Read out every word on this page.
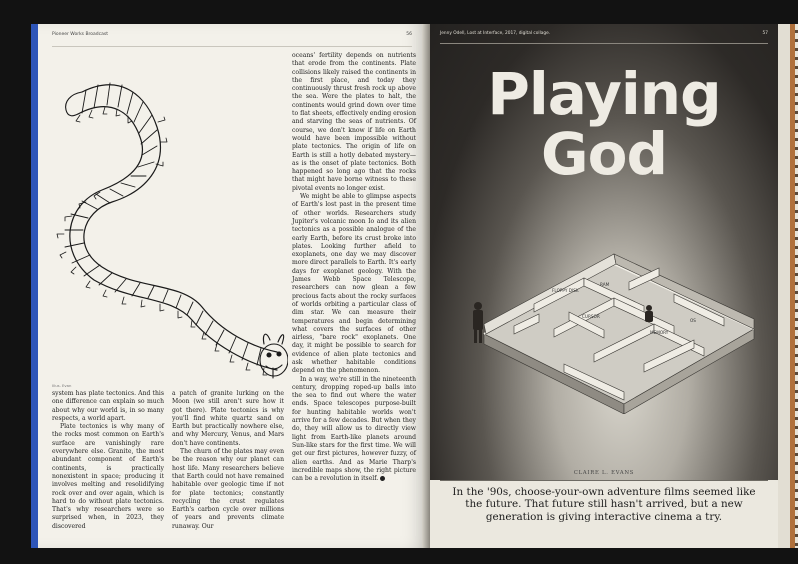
Pioneer Works Broadcast	56
Illus. Evan

system has plate tectonics. And this one difference can explain so much about why our world is, in so many respects, a world apart.

Plate tectonics is why many of the rocks most common on Earth's surface are vanishingly rare everywhere else. Granite, the most abundant component of Earth's continents, is practically nonexistent in space; producing it involves melting and resolidifying rock over and over again, which is hard to do without plate tectonics. That's why researchers were so surprised when, in 2023, they discovered

a patch of granite lurking on the Moon (we still aren't sure how it got there). Plate tectonics is why you'll find white quartz sand on Earth but practically nowhere else, and why Mercury, Venus, and Mars don't have continents.

The churn of the plates may even be the reason why our planet can host life. Many researchers believe that Earth could not have remained habitable over geologic time if not for plate tectonics; constantly recycling the crust regulates Earth's carbon cycle over millions of years and prevents climate runaway. Our

oceans' fertility depends on nutrients that erode from the continents. Plate collisions likely raised the continents in the first place, and today they continuously thrust fresh rock up above the sea. Were the plates to halt, the continents would grind down over time to flat sheets, effectively ending erosion and starving the seas of nutrients. Of course, we don't know if life on Earth would have been impossible without plate tectonics. The origin of life on Earth is still a hotly debated mystery—as is the onset of plate tectonics. Both happened so long ago that the rocks that might have borne witness to these pivotal events no longer exist.

We might be able to glimpse aspects of Earth's lost past in the present time of other worlds. Researchers study Jupiter's volcanic moon Io and its alien tectonics as a possible analogue of the early Earth, before its crust broke into plates. Looking further afield to exoplanets, one day we may discover more direct parallels to Earth. It's early days for exoplanet geology. With the James Webb Space Telescope, researchers can now glean a few precious facts about the rocky surfaces of worlds orbiting a particular class of dim star. We can measure their temperatures and begin determining what covers the surfaces of other airless, "bare rock" exoplanets. One day, it might be possible to search for evidence of alien plate tectonics and ask whether habitable conditions depend on the phenomenon.

In a way, we're still in the nineteenth century, dropping roped-up balls into the sea to find out where the water ends. Space telescopes purpose-built for hunting habitable worlds won't arrive for a few decades. But when they do, they will allow us to directly view light from Earth-like planets around Sun-like stars for the first time. We will get our first pictures, however fuzzy, of alien earths. And as Marie Tharp's incredible maps show, the right picture can be a revolution in itself.

Jenny Odell, Lost at Interface, 2017, digital collage.	57
Playing
God
FLOPPY DISK
RAM
CURSOR
MEMORY
OS
CLAIRE L. EVANS
In the '90s, choose-your-own adventure films seemed like the future. That future still hasn't arrived, but a new generation is giving interactive cinema a try.
